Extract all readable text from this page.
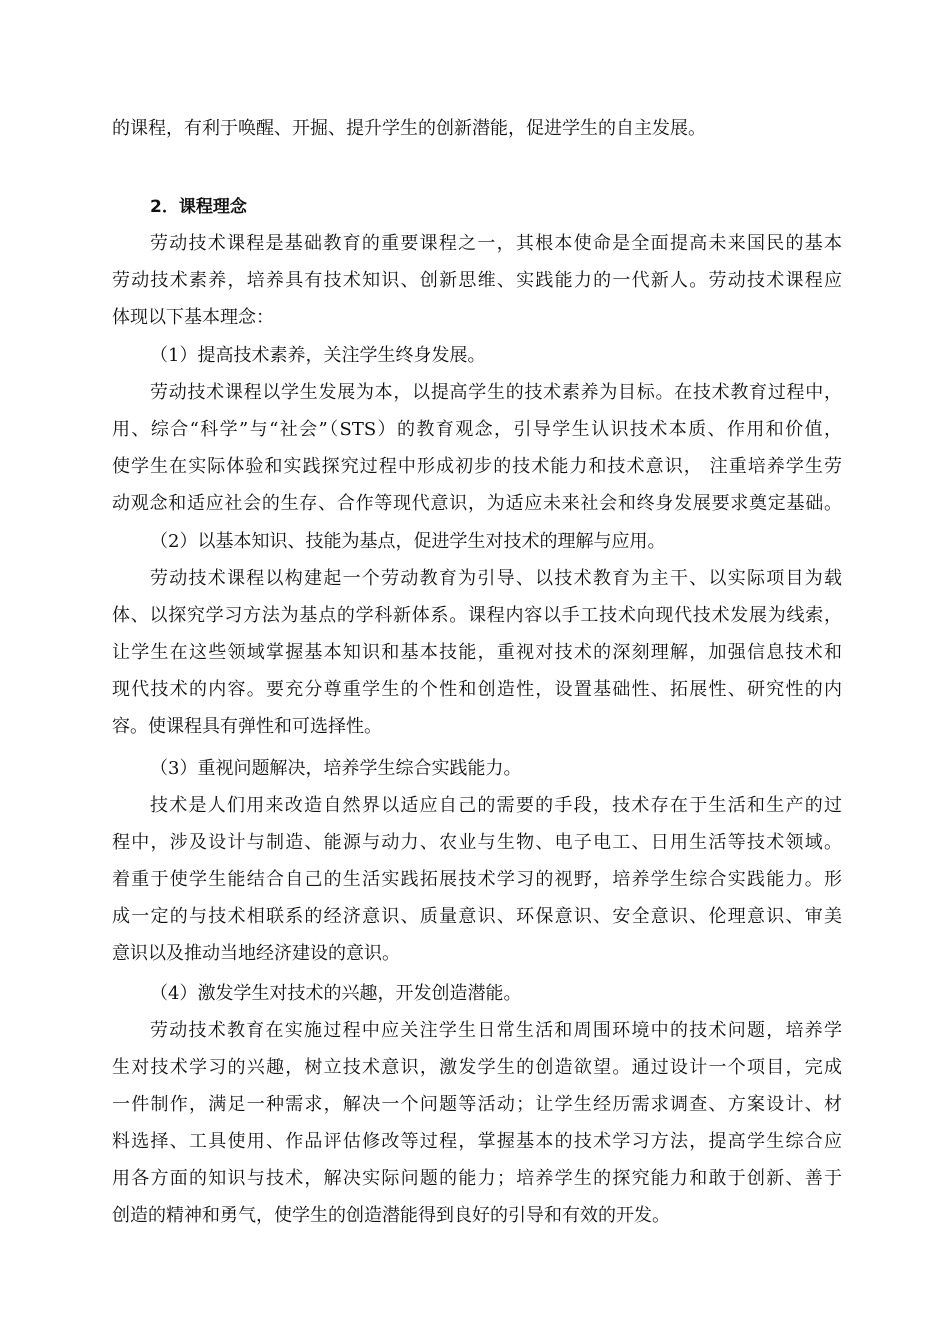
的课程，有利于唤醒、开掘、提升学生的创新潜能，促进学生的自主发展。
2．课程理念
劳动技术课程是基础教育的重要课程之一，其根本使命是全面提高未来国民的基本
劳动技术素养，培养具有技术知识、创新思维、实践能力的一代新人。劳动技术课程应
体现以下基本理念：
（1）提高技术素养，关注学生终身发展。
劳动技术课程以学生发展为本，以提高学生的技术素养为目标。在技术教育过程中，
用、综合“科学”与“社会”（STS）的教育观念，引导学生认识技术本质、作用和价值，
使学生在实际体验和实践探究过程中形成初步的技术能力和技术意识， 注重培养学生劳
动观念和适应社会的生存、合作等现代意识，为适应未来社会和终身发展要求奠定基础。
（2）以基本知识、技能为基点，促进学生对技术的理解与应用。
劳动技术课程以构建起一个劳动教育为引导、以技术教育为主干、以实际项目为载
体、以探究学习方法为基点的学科新体系。课程内容以手工技术向现代技术发展为线索，
让学生在这些领域掌握基本知识和基本技能，重视对技术的深刻理解，加强信息技术和
现代技术的内容。要充分尊重学生的个性和创造性，设置基础性、拓展性、研究性的内
容。使课程具有弹性和可选择性。
（3）重视问题解决，培养学生综合实践能力。
技术是人们用来改造自然界以适应自己的需要的手段，技术存在于生活和生产的过
程中，涉及设计与制造、能源与动力、农业与生物、电子电工、日用生活等技术领域。
着重于使学生能结合自己的生活实践拓展技术学习的视野，培养学生综合实践能力。形
成一定的与技术相联系的经济意识、质量意识、环保意识、安全意识、伦理意识、审美
意识以及推动当地经济建设的意识。
（4）激发学生对技术的兴趣，开发创造潜能。
劳动技术教育在实施过程中应关注学生日常生活和周围环境中的技术问题，培养学
生对技术学习的兴趣，树立技术意识，激发学生的创造欲望。通过设计一个项目，完成
一件制作，满足一种需求，解决一个问题等活动；让学生经历需求调查、方案设计、材
料选择、工具使用、作品评估修改等过程，掌握基本的技术学习方法，提高学生综合应
用各方面的知识与技术，解决实际问题的能力；培养学生的探究能力和敢于创新、善于
创造的精神和勇气，使学生的创造潜能得到良好的引导和有效的开发。
